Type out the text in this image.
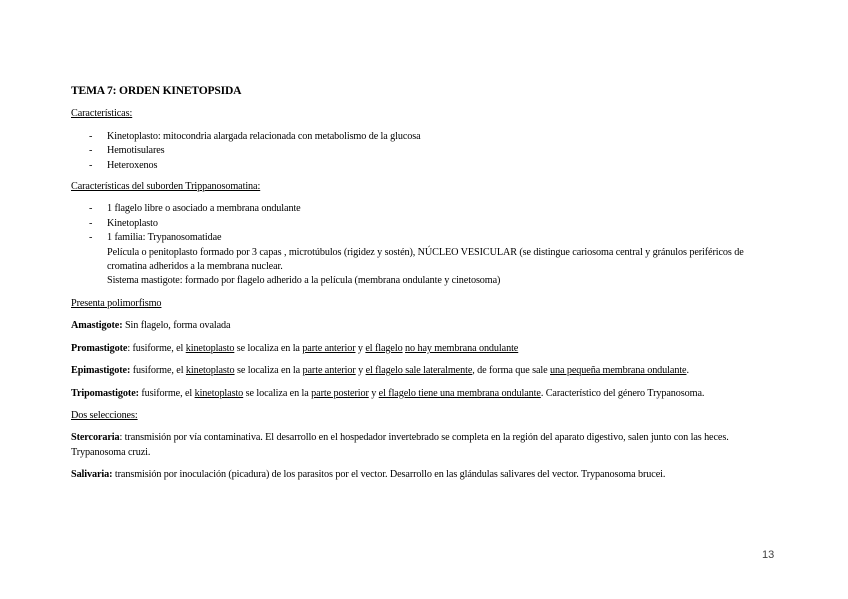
TEMA 7: ORDEN KINETOPSIDA
Características:
- Kinetoplasto: mitocondria alargada relacionada con metabolismo de la glucosa
- Hemotisulares
- Heteroxenos
Características del suborden Trippanosomatina:
- 1 flagelo libre o asociado a membrana ondulante
- Kinetoplasto
- 1 familia: Trypanosomatidae
Película o penitoplasto formado por 3 capas , microtúbulos (rigidez y sostén), NÚCLEO VESICULAR (se distingue cariosoma central y gránulos periféricos de cromatina adheridos a la membrana nuclear.
Sistema mastigote: formado por flagelo adherido a la película (membrana ondulante y cinetosoma)
Presenta polimorfismo

Amastigote: Sin flagelo, forma ovalada

Promastigote: fusiforme, el kinetoplasto se localiza en la parte anterior y el flagelo no hay membrana ondulante

Epimastigote: fusiforme, el kinetoplasto se localiza en la parte anterior y el flagelo sale lateralmente, de forma que sale una pequeña membrana ondulante.

Tripomastigote: fusiforme, el kinetoplasto se localiza en la parte posterior y el flagelo tiene una membrana ondulante. Característico del género Trypanosoma.

Dos selecciones:

Stercoraria: transmisión por vía contaminativa. El desarrollo en el hospedador invertebrado se completa en la región del aparato digestivo, salen junto con las heces. Trypanosoma cruzi.

Salivaria: transmisión por inoculación (picadura) de los parasitos por el vector. Desarrollo en las glándulas salivares del vector. Trypanosoma brucei.

13
